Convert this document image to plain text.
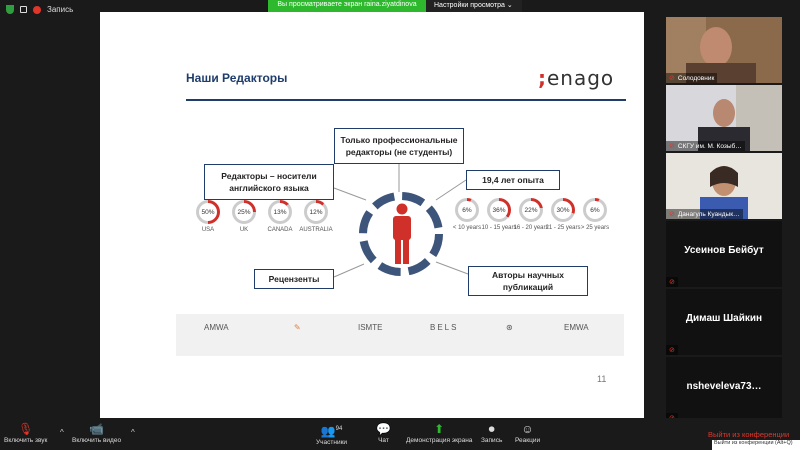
Запись
Наши Редакторы	;enago
Только профессиональные редакторы (не студенты)
Редакторы – носители английского языка
19,4 лет опыта
Рецензенты	Авторы научных публикаций
50%
USA
25%
UK
13%
CANADA
12%
AUSTRALIA
6%
< 10 years
36%
10 - 15 years
22%
16 - 20 years
30%
21 - 25 years
6%
> 25 years
AMWA	✎	ISMTE	BELS	⊛	EMWA
11
Вы просматриваете экран raina.ziyatdinova	Настройки просмотра ⌄
⊘ Солодовник
⊘ СКГУ им. М. Козыб…
⊘ Данагуль Куандык…
Усеинов Бейбут
⊘
Димаш Шайкин
⊘
nsheveleva73…
🎙
Включить звук
^ 📹
Включить видео
^	👥$^{94}$
Участники
💬
Чат
⬆
Демонстрация экрана
⏺
Запись
☺
Реакции
Выйти из конференции
Выйти из конференции (Alt+Q)
